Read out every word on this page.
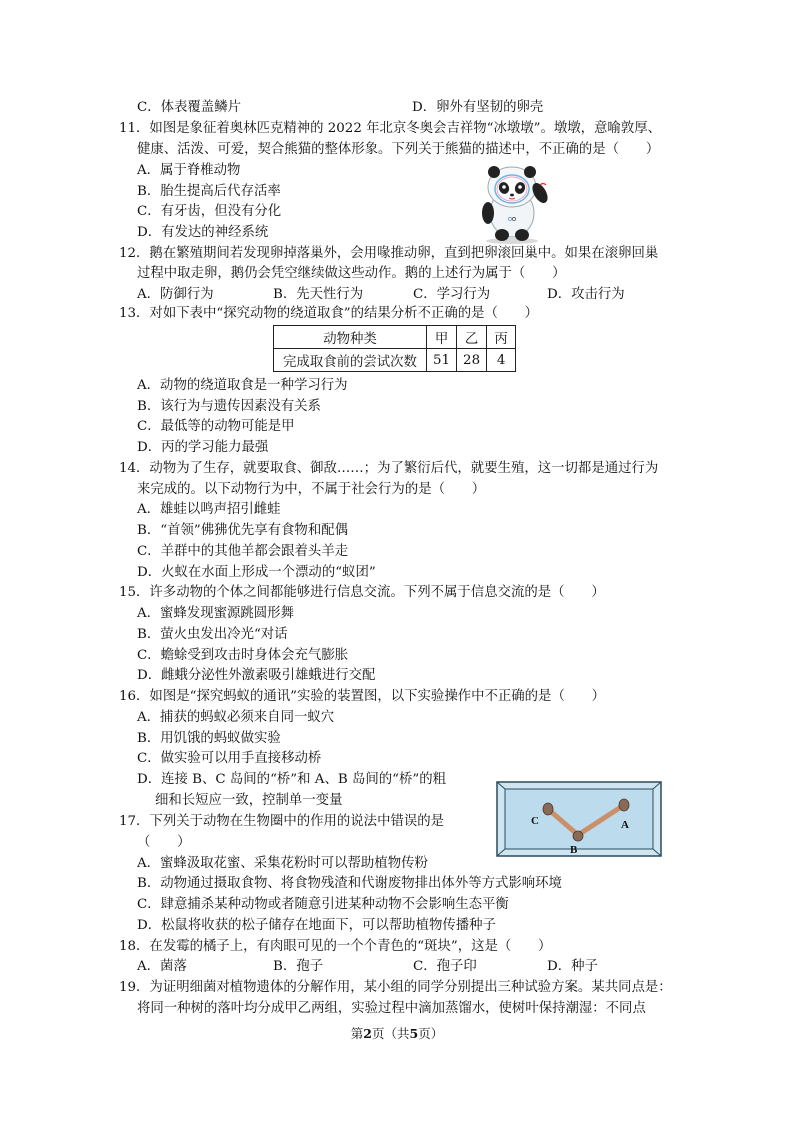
C．体表覆盖鳞片	D．卵外有坚韧的卵壳
11．如图是象征着奥林匹克精神的 2022 年北京冬奥会吉祥物“冰墩墩”。墩墩，意喻敦厚、
健康、活泼、可爱，契合熊猫的整体形象。下列关于熊猫的描述中，不正确的是（　　）
A．属于脊椎动物
B．胎生提高后代存活率
C．有牙齿，但没有分化
D．有发达的神经系统
12．鹅在繁殖期间若发现卵掉落巢外，会用喙推动卵，直到把卵滚回巢中。如果在滚卵回巢
过程中取走卵，鹅仍会凭空继续做这些动作。鹅的上述行为属于（　　）
A．防御行为	B．先天性行为	C．学习行为	D．攻击行为
13．对如下表中“探究动物的绕道取食”的结果分析不正确的是（　　）
动物种类	甲	乙	丙
完成取食前的尝试次数	51	28	4
A．动物的绕道取食是一种学习行为
B．该行为与遗传因素没有关系
C．最低等的动物可能是甲
D．丙的学习能力最强
14．动物为了生存，就要取食、御敌……；为了繁衍后代，就要生殖，这一切都是通过行为
来完成的。以下动物行为中，不属于社会行为的是（　　）
A．雄蛙以鸣声招引雌蛙
B．“首领”佛狒优先享有食物和配偶
C．羊群中的其他羊都会跟着头羊走
D．火蚁在水面上形成一个漂动的“蚁团”
15．许多动物的个体之间都能够进行信息交流。下列不属于信息交流的是（　　）
A．蜜蜂发现蜜源跳圆形舞
B．萤火虫发出冷光“对话
C．蟾蜍受到攻击时身体会充气膨胀
D．雌蛾分泌性外激素吸引雄蛾进行交配
16．如图是“探究蚂蚁的通讯”实验的装置图，以下实验操作中不正确的是（　　）
A．捕获的蚂蚁必须来自同一蚁穴
B．用饥饿的蚂蚁做实验
C．做实验可以用手直接移动桥
D．连接 B、C 岛间的“桥”和 A、B 岛间的“桥”的粗
细和长短应一致，控制单一变量
C
B
A
17．下列关于动物在生物圈中的作用的说法中错误的是
（　　）
A．蜜蜂汲取花蜜、采集花粉时可以帮助植物传粉
B．动物通过摄取食物、将食物残渣和代谢废物排出体外等方式影响环境
C．肆意捕杀某种动物或者随意引进某种动物不会影响生态平衡
D．松鼠将收获的松子储存在地面下，可以帮助植物传播种子
18．在发霉的橘子上，有肉眼可见的一个个青色的“斑块”，这是（　　）
A．菌落	B．孢子	C．孢子印	D．种子
19．为证明细菌对植物遗体的分解作用，某小组的同学分别提出三种试验方案。某共同点是：
将同一种树的落叶均分成甲乙两组，实验过程中滴加蒸馏水，使树叶保持潮湿：不同点
第2页（共5页）
